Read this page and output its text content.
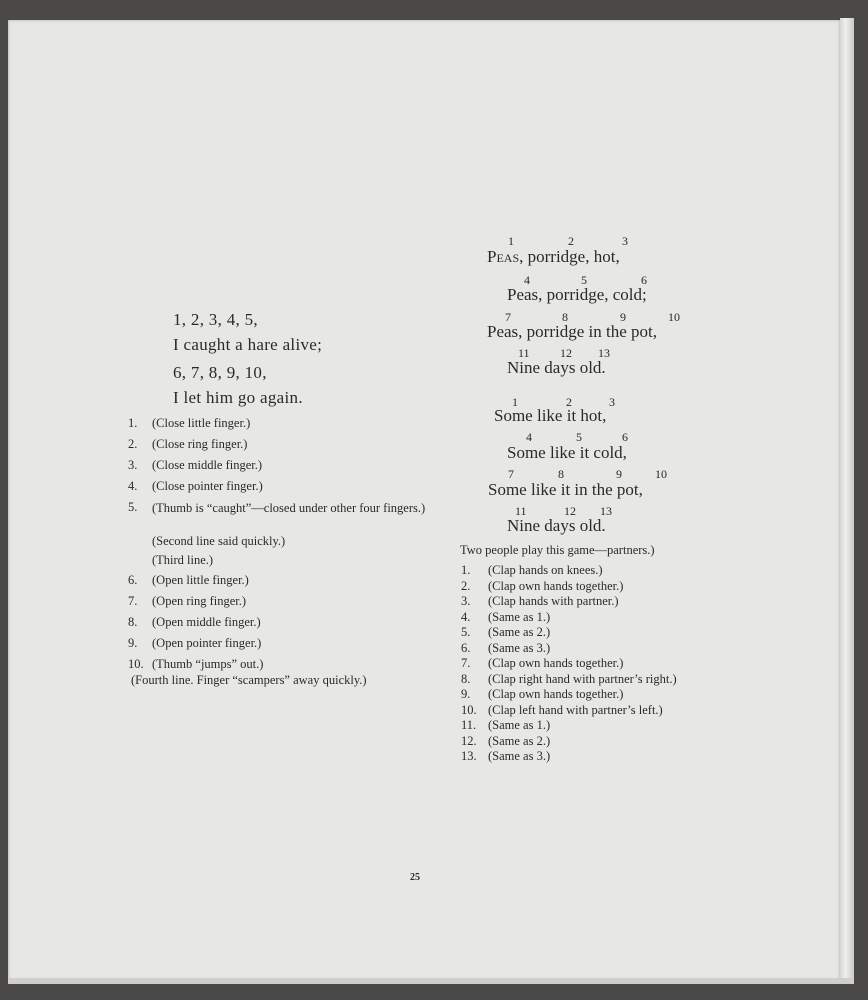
1, 2, 3, 4, 5,
I caught a hare alive;
6, 7, 8, 9, 10,
I let him go again.
1. (Close little finger.)
2. (Close ring finger.)
3. (Close middle finger.)
4. (Close pointer finger.)
5. (Thumb is “caught”—closed under other four fingers.)
(Second line said quickly.)
(Third line.)
6. (Open little finger.)
7. (Open ring finger.)
8. (Open middle finger.)
9. (Open pointer finger.)
10. (Thumb “jumps” out.)
(Fourth line. Finger “scampers” away quickly.)
1	2	3
Peas, porridge, hot,
4	5	6
Peas, porridge, cold;
7	8	9	10
Peas, porridge in the pot,
11	12 13
Nine days old.
1	2	3
Some like it hot,
4	5	6
Some like it cold,
7	8	9	10
Some like it in the pot,
11	12 13
Nine days old.
Two people play this game—partners.)
1. (Clap hands on knees.)
2. (Clap own hands together.)
3. (Clap hands with partner.)
4. (Same as 1.)
5. (Same as 2.)
6. (Same as 3.)
7. (Clap own hands together.)
8. (Clap right hand with partner’s right.)
9. (Clap own hands together.)
10. (Clap left hand with partner’s left.)
11. (Same as 1.)
12. (Same as 2.)
13. (Same as 3.)
25
